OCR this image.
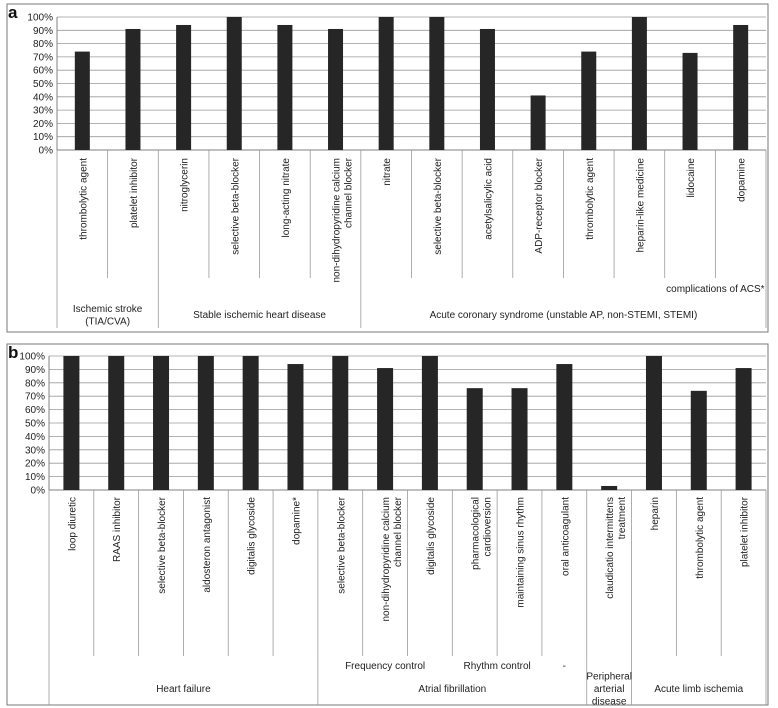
a
0%
10%
20%
30%
40%
50%
60%
70%
80%
90%
100%
thrombolytic agent	platelet inhibitor	nitroglycerin	selective beta-blocker	long-acting nitrate	non-dihydropyridine calcium channel blocker	nitrate	selective beta-blocker	acetylsalicylic acid	ADP-receptor blocker	thrombolytic agent	heparin-like medicine	lidocaine	dopamine
complications of ACS*
Ischemic stroke
(TIA/CVA)
Stable ischemic heart disease	Acute coronary syndrome (unstable AP, non-STEMI, STEMI)
b
0%
10%
20%
30%
40%
50%
60%
70%
80%
90%
100%
loop diuretic	RAAS inhibitor	selective beta-blocker	aldosteron antagonist	digitalis glycoside	dopamine*	selective beta-blocker	non-dihydropyridine calcium channel blocker digitalis glycoside	pharmacological cardioversion maintaining sinus rhythm	oral anticoagulant	claudicatio intermittens treatment heparin	thrombolytic agent	platelet inhibitor
Frequency control	Rhythm control	-
Heart failure	Atrial fibrillation
Peripheral
arterial
disease
Acute limb ischemia
